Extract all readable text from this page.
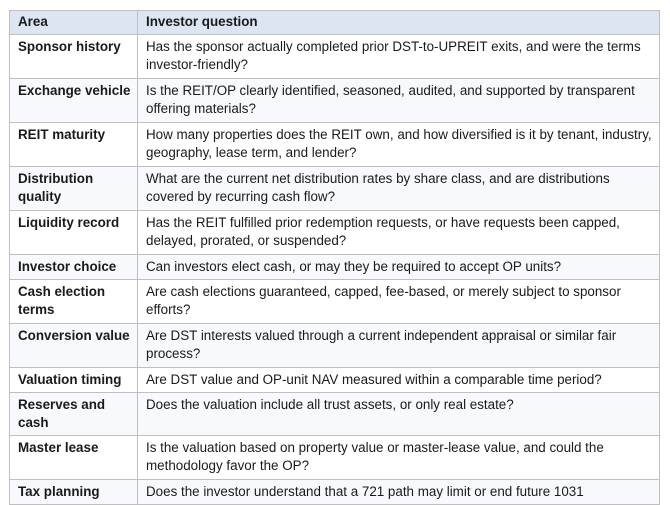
Area	Investor question
Sponsor history	Has the sponsor actually completed prior DST-to-UPREIT exits, and were the terms investor-friendly?
Exchange vehicle	Is the REIT/OP clearly identified, seasoned, audited, and supported by transparent offering materials?
REIT maturity	How many properties does the REIT own, and how diversified is it by tenant, industry, geography, lease term, and lender?
Distribution quality	What are the current net distribution rates by share class, and are distributions covered by recurring cash flow?
Liquidity record	Has the REIT fulfilled prior redemption requests, or have requests been capped, delayed, prorated, or suspended?
Investor choice	Can investors elect cash, or may they be required to accept OP units?
Cash election terms	Are cash elections guaranteed, capped, fee-based, or merely subject to sponsor efforts?
Conversion value	Are DST interests valued through a current independent appraisal or similar fair process?
Valuation timing	Are DST value and OP-unit NAV measured within a comparable time period?
Reserves and cash	Does the valuation include all trust assets, or only real estate?
Master lease	Is the valuation based on property value or master-lease value, and could the methodology favor the OP?
Tax planning	Does the investor understand that a 721 path may limit or end future 1031
